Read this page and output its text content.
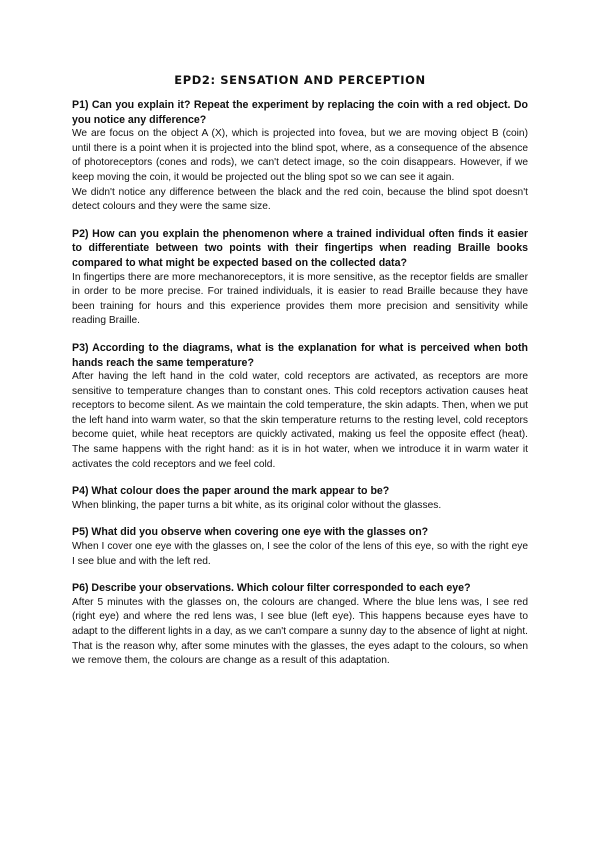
EPD2: SENSATION AND PERCEPTION

P1) Can you explain it? Repeat the experiment by replacing the coin with a red object. Do you notice any difference?

We are focus on the object A (X), which is projected into fovea, but we are moving object B (coin) until there is a point when it is projected into the blind spot, where, as a consequence of the absence of photoreceptors (cones and rods), we can't detect image, so the coin disappears. However, if we keep moving the coin, it would be projected out the bling spot so we can see it again.

We didn't notice any difference between the black and the red coin, because the blind spot doesn't detect colours and they were the same size.

P2) How can you explain the phenomenon where a trained individual often finds it easier to differentiate between two points with their fingertips when reading Braille books compared to what might be expected based on the collected data?

In fingertips there are more mechanoreceptors, it is more sensitive, as the receptor fields are smaller in order to be more precise. For trained individuals, it is easier to read Braille because they have been training for hours and this experience provides them more precision and sensitivity while reading Braille.

P3) According to the diagrams, what is the explanation for what is perceived when both hands reach the same temperature?

After having the left hand in the cold water, cold receptors are activated, as receptors are more sensitive to temperature changes than to constant ones. This cold receptors activation causes heat receptors to become silent. As we maintain the cold temperature, the skin adapts. Then, when we put the left hand into warm water, so that the skin temperature returns to the resting level, cold receptors become quiet, while heat receptors are quickly activated, making us feel the opposite effect (heat). The same happens with the right hand: as it is in hot water, when we introduce it in warm water it activates the cold receptors and we feel cold.

P4) What colour does the paper around the mark appear to be?

When blinking, the paper turns a bit white, as its original color without the glasses.

P5) What did you observe when covering one eye with the glasses on?

When I cover one eye with the glasses on, I see the color of the lens of this eye, so with the right eye I see blue and with the left red.

P6) Describe your observations. Which colour filter corresponded to each eye?

After 5 minutes with the glasses on, the colours are changed. Where the blue lens was, I see red (right eye) and where the red lens was, I see blue (left eye). This happens because eyes have to adapt to the different lights in a day, as we can't compare a sunny day to the absence of light at night. That is the reason why, after some minutes with the glasses, the eyes adapt to the colours, so when we remove them, the colours are change as a result of this adaptation.
